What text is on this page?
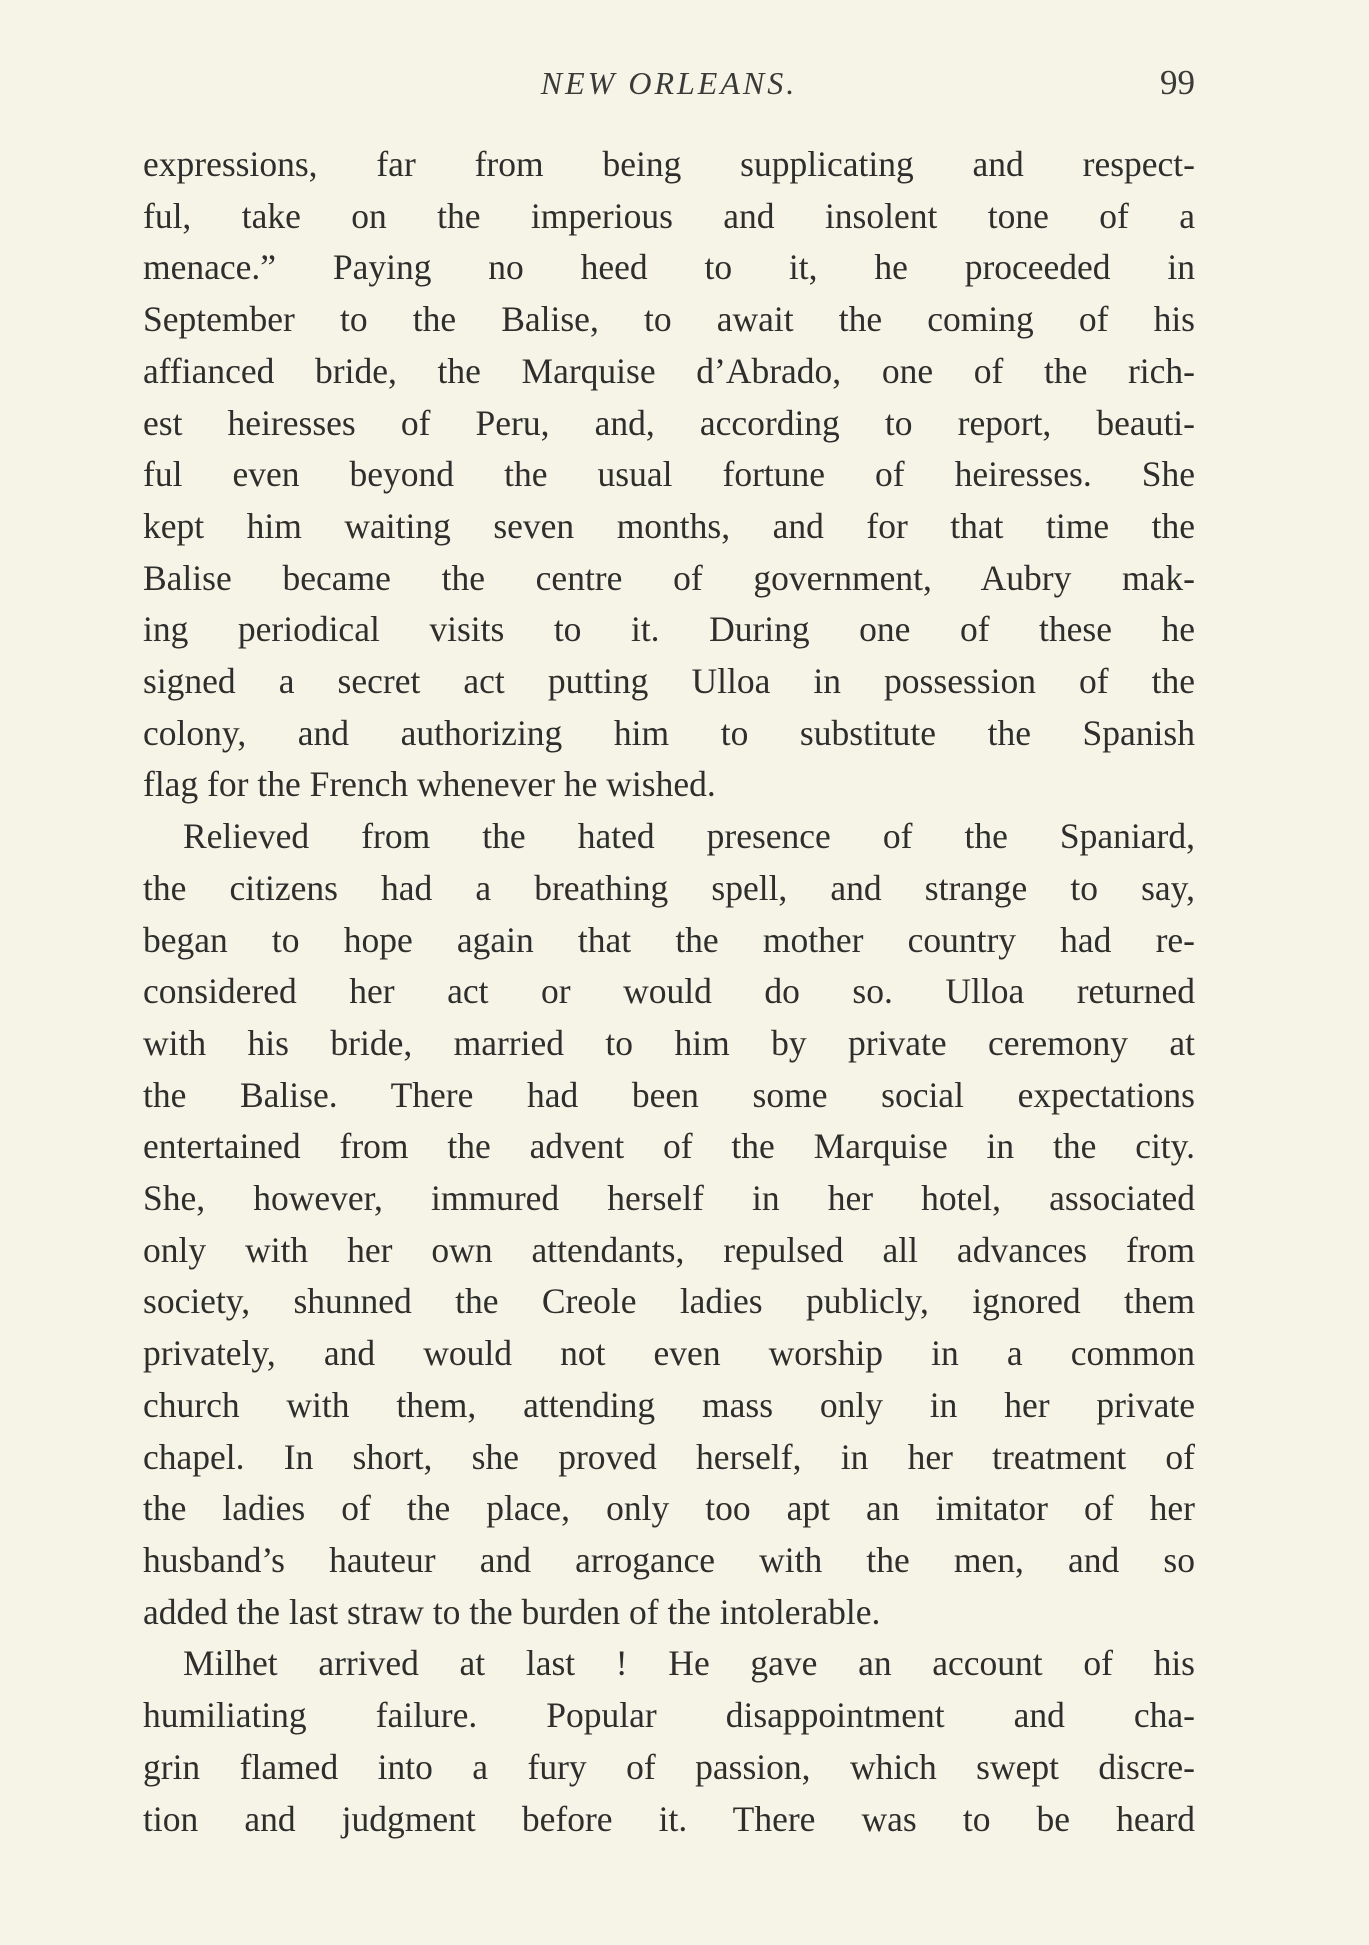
NEW ORLEANS.	99

expressions, far from being supplicating and respect-
ful, take on the imperious and insolent tone of a
menace.” Paying no heed to it, he proceeded in
September to the Balise, to await the coming of his
affianced bride, the Marquise d’Abrado, one of the rich-
est heiresses of Peru, and, according to report, beauti-
ful even beyond the usual fortune of heiresses. She
kept him waiting seven months, and for that time the
Balise became the centre of government, Aubry mak-
ing periodical visits to it. During one of these he
signed a secret act putting Ulloa in possession of the
colony, and authorizing him to substitute the Spanish
flag for the French whenever he wished.

Relieved from the hated presence of the Spaniard,
the citizens had a breathing spell, and strange to say,
began to hope again that the mother country had re-
considered her act or would do so. Ulloa returned
with his bride, married to him by private ceremony at
the Balise. There had been some social expectations
entertained from the advent of the Marquise in the city.
She, however, immured herself in her hotel, associated
only with her own attendants, repulsed all advances from
society, shunned the Creole ladies publicly, ignored them
privately, and would not even worship in a common
church with them, attending mass only in her private
chapel. In short, she proved herself, in her treatment of
the ladies of the place, only too apt an imitator of her
husband’s hauteur and arrogance with the men, and so
added the last straw to the burden of the intolerable.

Milhet arrived at last ! He gave an account of his
humiliating failure. Popular disappointment and cha-
grin flamed into a fury of passion, which swept discre-
tion and judgment before it. There was to be heard
